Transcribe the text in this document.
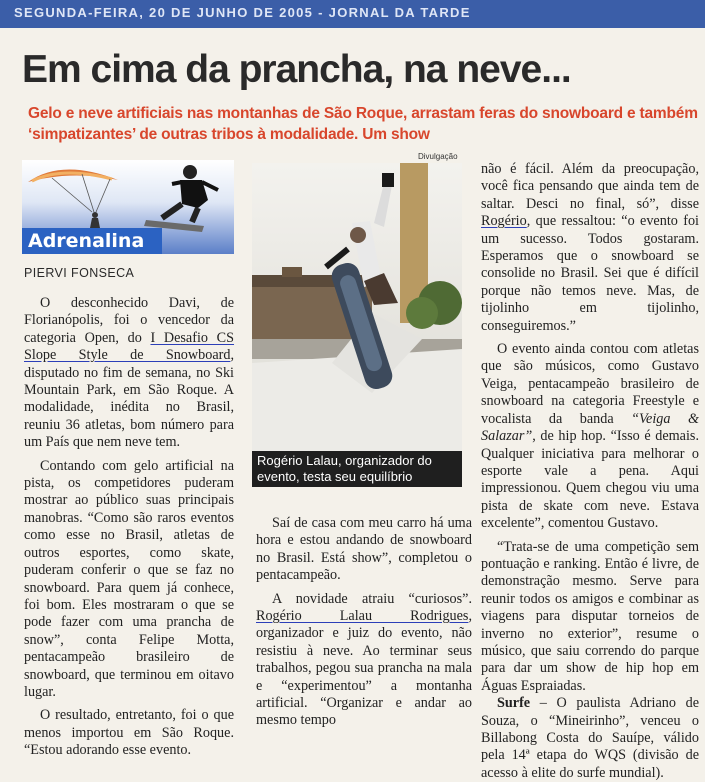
SEGUNDA-FEIRA, 20 DE JUNHO DE 2005 - JORNAL DA TARDE
Em cima da prancha, na neve...
Gelo e neve artificiais nas montanhas de São Roque, arrastam feras do snowboard e também ‘simpatizantes’ de outras tribos à modalidade. Um show
Adrenalina
PIERVI FONSECA

O desconhecido Davi, de Florianópolis, foi o vencedor da categoria Open, do I Desafio CS Slope Style de Snowboard, disputado no fim de semana, no Ski Mountain Park, em São Roque. A modalidade, inédita no Brasil, reuniu 36 atletas, bom número para um País que nem neve tem.

Contando com gelo artificial na pista, os competidores puderam mostrar ao público suas principais manobras. “Como são raros eventos como esse no Brasil, atletas de outros esportes, como skate, puderam conferir o que se faz no snowboard. Para quem já conhece, foi bom. Eles mostraram o que se pode fazer com uma prancha de snow”, conta Felipe Motta, pentacampeão brasileiro de snowboard, que terminou em oitavo lugar.

O resultado, entretanto, foi o que menos importou em São Roque. “Estou adorando esse evento.

Divulgação
Rogério Lalau, organizador do evento, testa seu equilíbrio

Saí de casa com meu carro há uma hora e estou andando de snowboard no Brasil. Está show”, completou o pentacampeão.

A novidade atraiu “curiosos”. Rogério Lalau Rodrigues, organizador e juiz do evento, não resistiu à neve. Ao terminar seus trabalhos, pegou sua prancha na mala e “experimentou” a montanha artificial. “Organizar e andar ao mesmo tempo

não é fácil. Além da preocupação, você fica pensando que ainda tem de saltar. Desci no final, só”, disse Rogério, que ressaltou: “o evento foi um sucesso. Todos gostaram. Esperamos que o snowboard se consolide no Brasil. Sei que é difícil porque não temos neve. Mas, de tijolinho em tijolinho, conseguiremos.”

O evento ainda contou com atletas que são músicos, como Gustavo Veiga, pentacampeão brasileiro de snowboard na categoria Freestyle e vocalista da banda “Veiga & Salazar”, de hip hop. “Isso é demais. Qualquer iniciativa para melhorar o esporte vale a pena. Aqui impressionou. Quem chegou viu uma pista de skate com neve. Estava excelente”, comentou Gustavo.

“Trata-se de uma competição sem pontuação e ranking. Então é livre, de demonstração mesmo. Serve para reunir todos os amigos e combinar as viagens para disputar torneios de inverno no exterior”, resume o músico, que saiu correndo do parque para dar um show de hip hop em Águas Espraiadas.

Surfe – O paulista Adriano de Souza, o “Mineirinho”, venceu o Billabong Costa do Sauípe, válido pela 14ª etapa do WQS (divisão de acesso à elite do surfe mundial).
